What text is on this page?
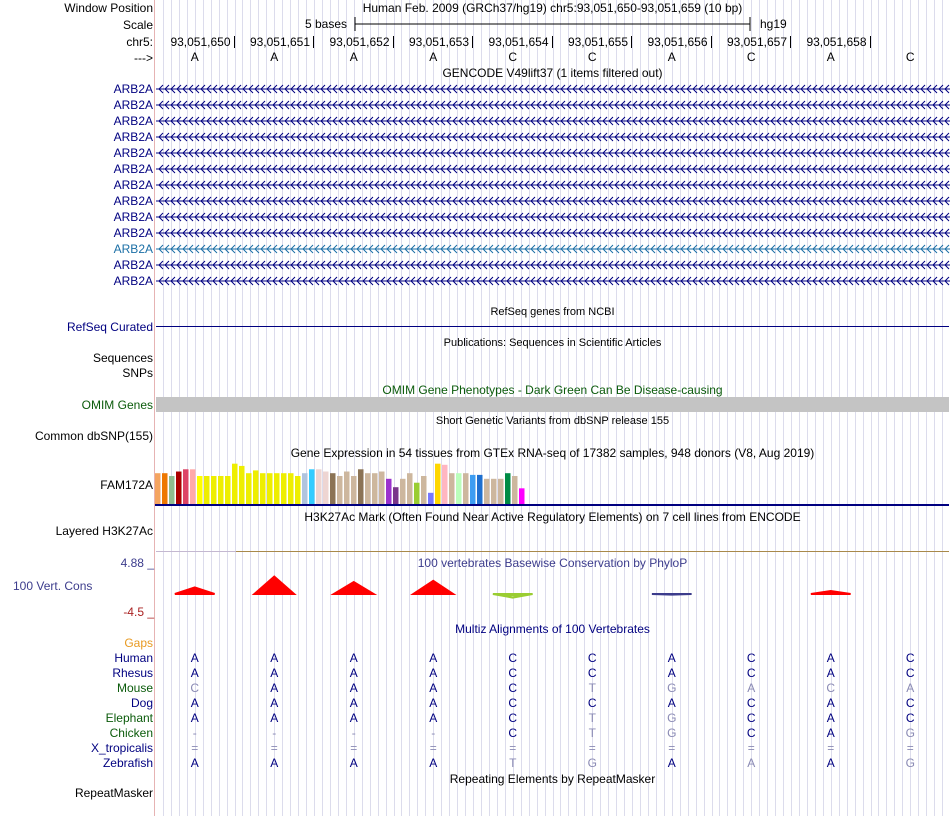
Window Position	Human Feb. 2009 (GRCh37/hg19) chr5:93,051,650-93,051,659 (10 bp)
Scale	5 bases	hg19
chr5:	93,051,650	93,051,651	93,051,652	93,051,653	93,051,654	93,051,655	93,051,656	93,051,657	93,051,658
--->	A	A	A	A	C	C	A	C	A	C
GENCODE V49lift37 (1 items filtered out)
ARB2A
ARB2A
ARB2A
ARB2A
ARB2A
ARB2A
ARB2A
ARB2A
ARB2A
ARB2A
ARB2A
ARB2A
ARB2A
RefSeq genes from NCBI
RefSeq Curated
Publications: Sequences in Scientific Articles
Sequences
SNPs
OMIM Gene Phenotypes - Dark Green Can Be Disease-causing
OMIM Genes
Short Genetic Variants from dbSNP release 155
Common dbSNP(155)
Gene Expression in 54 tissues from GTEx RNA-seq of 17382 samples, 948 donors (V8, Aug 2019)
FAM172A
H3K27Ac Mark (Often Found Near Active Regulatory Elements) on 7 cell lines from ENCODE
Layered H3K27Ac
100 vertebrates Basewise Conservation by PhyloP
4.88 _
100 Vert. Cons
-4.5 _
Multiz Alignments of 100 Vertebrates
Gaps
Human	A	A	A	A	C	C	A	C	A	C
Rhesus	A	A	A	A	C	C	A	C	A	C
Mouse	C	A	A	A	C	T	G	A	C	A
Dog	A	A	A	A	C	C	A	C	A	C
Elephant	A	A	A	A	C	T	G	C	A	C
Chicken	-	-	-	-	C	T	G	C	A	G
X_tropicalis	=	=	=	=	=	=	=	=	=	=
Zebrafish	A	A	A	A	T	G	A	A	A	G
Repeating Elements by RepeatMasker
RepeatMasker
